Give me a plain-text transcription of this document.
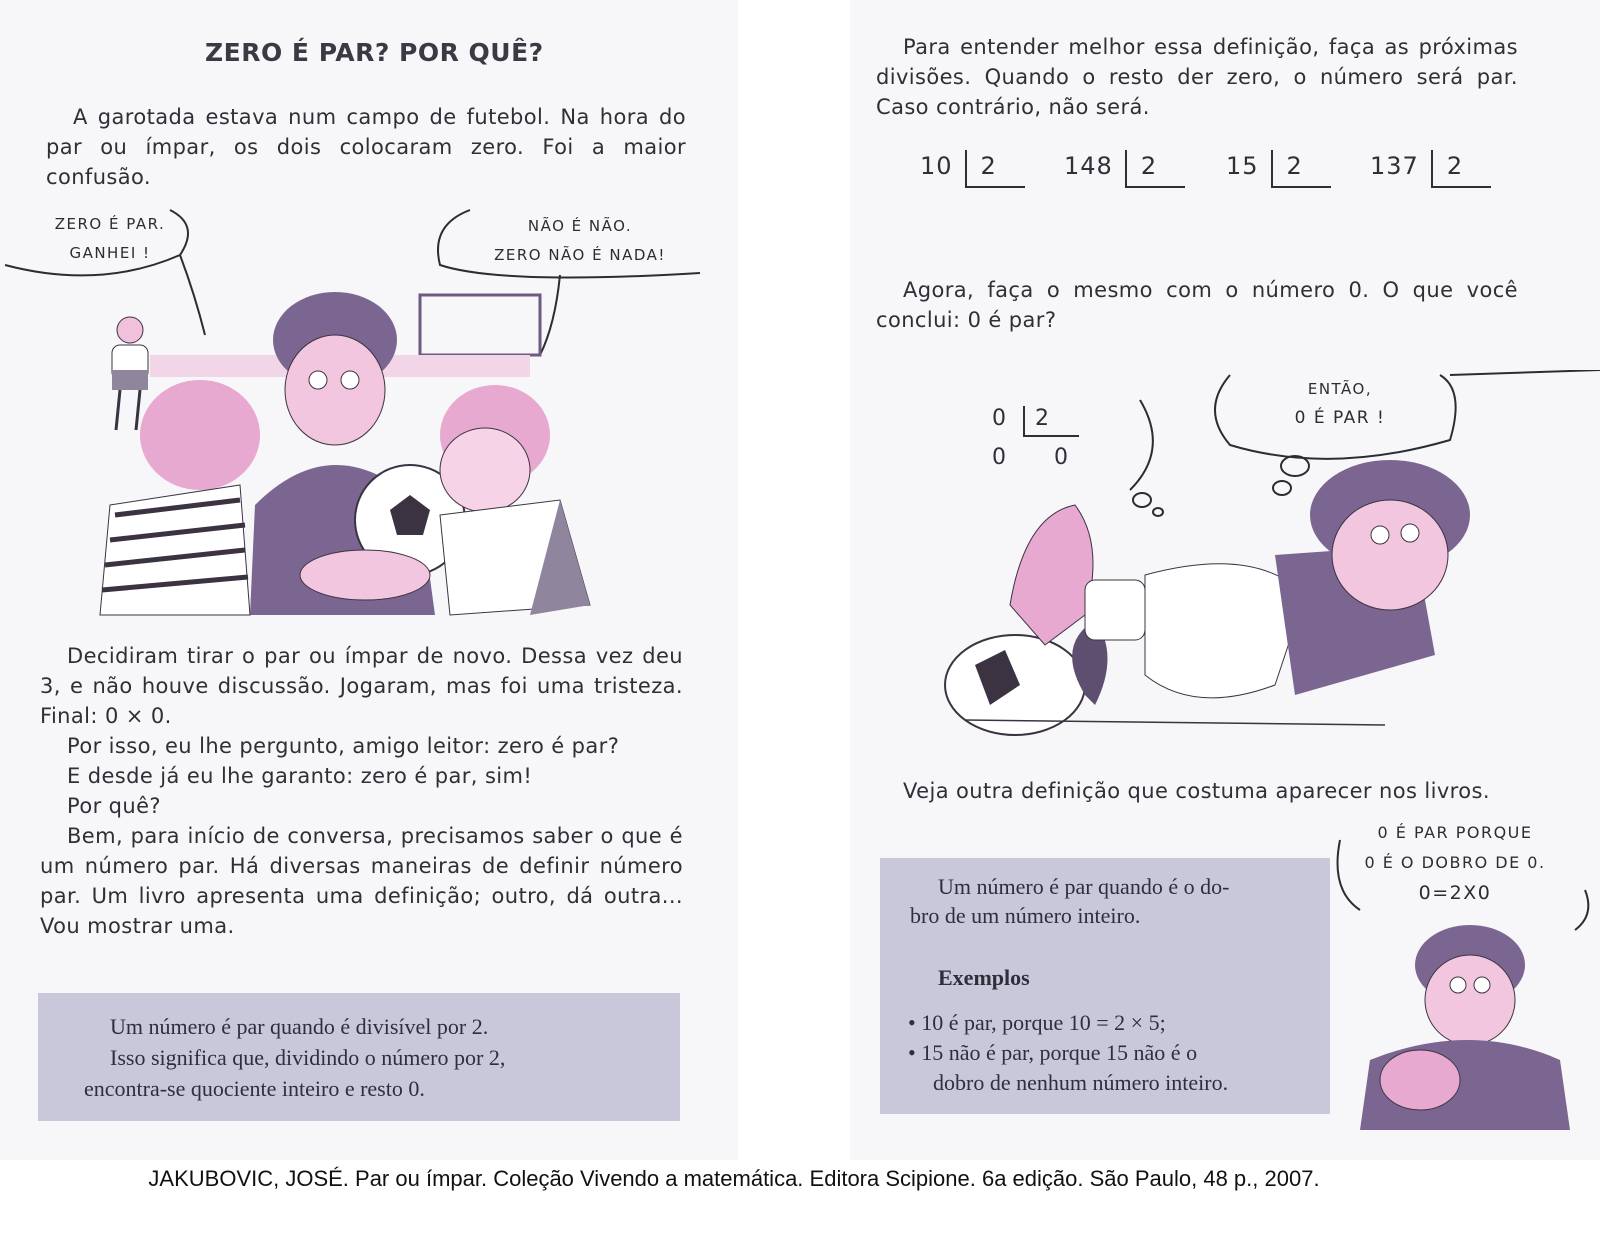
ZERO É PAR? POR QUÊ?
A garotada estava num campo de futebol. Na hora do par ou ímpar, os dois colocaram zero. Foi a maior confusão.
ZERO É PAR.
GANHEI !
NÃO É NÃO.
ZERO NÃO É NADA!
Decidiram tirar o par ou ímpar de novo. Dessa vez deu 3, e não houve discussão. Jogaram, mas foi uma tristeza. Final: 0 × 0.
Por isso, eu lhe pergunto, amigo leitor: zero é par?
E desde já eu lhe garanto: zero é par, sim!
Por quê?
Bem, para início de conversa, precisamos saber o que é um número par. Há diversas maneiras de definir número par. Um livro apresenta uma definição; outro, dá outra... Vou mostrar uma.
Um número é par quando é divisível por 2.
Isso significa que, dividindo o número por 2,
encontra-se quociente inteiro e resto 0.
Para entender melhor essa definição, faça as próximas divisões. Quando o resto der zero, o número será par. Caso contrário, não será.
10 2	148 2	15 2	137 2
Agora, faça o mesmo com o número 0. O que você conclui: 0 é par?
0 2
0 0
ENTÃO,
0 É PAR !
Veja outra definição que costuma aparecer nos livros.
0 É PAR PORQUE
0 É O DOBRO DE 0.
0=2X0
Um número é par quando é o do-
bro de um número inteiro.
Exemplos
• 10 é par, porque 10 = 2 × 5;
• 15 não é par, porque 15 não é o
dobro de nenhum número inteiro.
JAKUBOVIC, JOSÉ. Par ou ímpar. Coleção Vivendo a matemática. Editora Scipione. 6a edição. São Paulo, 48 p., 2007.
